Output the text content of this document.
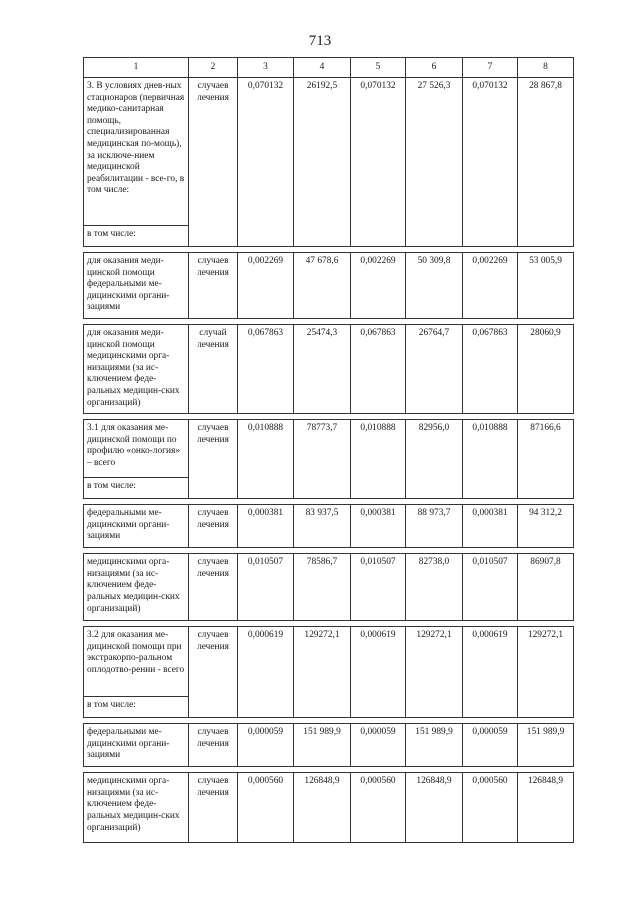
713
1	2	3	4	5	6	7	8
3. В условиях днев-ных стационаров (первичная медико-санитарная помощь, специализированная медицинская по-мощь), за исключе-нием медицинской реабилитации - все-го, в том числе:	случаев лечения	0,070132	26192,5	0,070132	27 526,3	0,070132	28 867,8
в том числе:							

для оказания меди-цинской помощи федеральными ме-дицинскими органи-зациями	случаев лечения	0,002269	47 678,6	0,002269	50 309,8	0,002269	53 005,9

для оказания меди-цинской помощи медицинскими орга-низациями (за ис-ключением феде-ральных медицин-ских организаций)	случай лечения	0,067863	25474,3	0,067863	26764,7	0,067863	28060,9

3.1 для оказания ме-дицинской помощи по профилю «онко-логия» – всего	случаев лечения	0,010888	78773,7	0,010888	82956,0	0,010888	87166,6
в том числе:							

федеральными ме-дицинскими органи-зациями	случаев лечения	0,000381	83 937,5	0,000381	88 973,7	0,000381	94 312,2

медицинскими орга-низациями (за ис-ключением феде-ральных медицин-ских организаций)	случаев лечения	0,010507	78586,7	0,010507	82738,0	0,010507	86907,8

3.2 для оказания ме-дицинской помощи при экстракорпо-ральном оплодотво-рении - всего	случаев лечения	0,000619	129272,1	0,000619	129272,1	0,000619	129272,1
в том числе:							

федеральными ме-дицинскими органи-зациями	случаев лечения	0,000059	151 989,9	0,000059	151 989,9	0,000059	151 989,9

медицинскими орга-низациями (за ис-ключением феде-ральных медицин-ских организаций)	случаев лечения	0,000560	126848,9	0,000560	126848,9	0,000560	126848,9
